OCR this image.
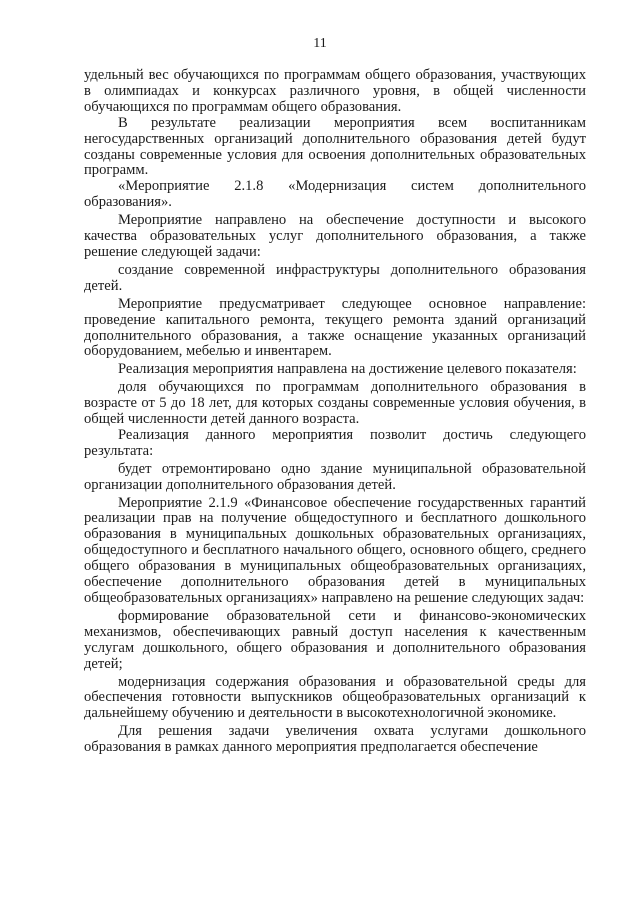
11

удельный вес обучающихся по программам общего образования, участвующих в олимпиадах и конкурсах различного уровня, в общей численности обучающихся по программам общего образования.

В результате реализации мероприятия всем воспитанникам негосударственных организаций дополнительного образования детей будут созданы современные условия для освоения дополнительных образовательных программ.

«Мероприятие 2.1.8 «Модернизация систем дополнительного образования».

Мероприятие направлено на обеспечение доступности и высокого качества образовательных услуг дополнительного образования, а также решение следующей задачи:

создание современной инфраструктуры дополнительного образования детей.

Мероприятие предусматривает следующее основное направление: проведение капитального ремонта, текущего ремонта зданий организаций дополнительного образования, а также оснащение указанных организаций оборудованием, мебелью и инвентарем.

Реализация мероприятия направлена на достижение целевого показателя:

доля обучающихся по программам дополнительного образования в возрасте от 5 до 18 лет, для которых созданы современные условия обучения, в общей численности детей данного возраста.

Реализация данного мероприятия позволит достичь следующего результата:

будет отремонтировано одно здание муниципальной образовательной организации дополнительного образования детей.

Мероприятие 2.1.9 «Финансовое обеспечение государственных гарантий реализации прав на получение общедоступного и бесплатного дошкольного образования в муниципальных дошкольных образовательных организациях, общедоступного и бесплатного начального общего, основного общего, среднего общего образования в муниципальных общеобразовательных организациях, обеспечение дополнительного образования детей в муниципальных общеобразовательных организациях» направлено на решение следующих задач:

формирование образовательной сети и финансово-экономических механизмов, обеспечивающих равный доступ населения к качественным услугам дошкольного, общего образования и дополнительного образования детей;

модернизация содержания образования и образовательной среды для обеспечения готовности выпускников общеобразовательных организаций к дальнейшему обучению и деятельности в высокотехнологичной экономике.

Для решения задачи увеличения охвата услугами дошкольного образования в рамках данного мероприятия предполагается обеспечение
